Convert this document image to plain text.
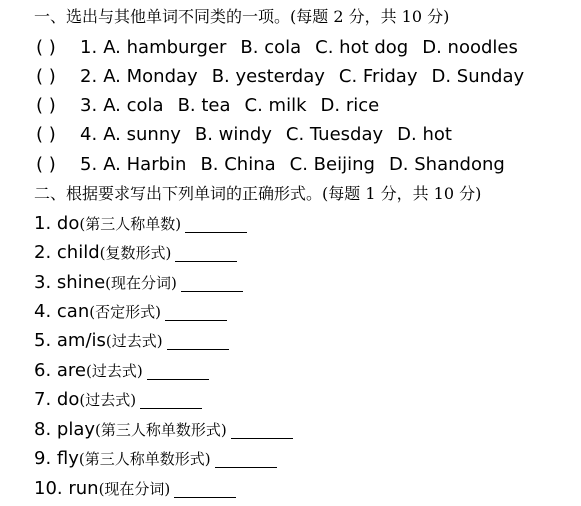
一、选出与其他单词不同类的一项。(每题 2 分，共 10 分)
( ) 1. A. hamburger B. cola C. hot dog D. noodles
( ) 2. A. Monday B. yesterday C. Friday D. Sunday
( ) 3. A. cola B. tea C. milk D. rice
( ) 4. A. sunny B. windy C. Tuesday D. hot
( ) 5. A. Harbin B. China C. Beijing D. Shandong
二、根据要求写出下列单词的正确形式。(每题 1 分，共 10 分)
1. do(第三人称单数)
2. child(复数形式)
3. shine(现在分词)
4. can(否定形式)
5. am/is(过去式)
6. are(过去式)
7. do(过去式)
8. play(第三人称单数形式)
9. fly(第三人称单数形式)
10. run(现在分词)
